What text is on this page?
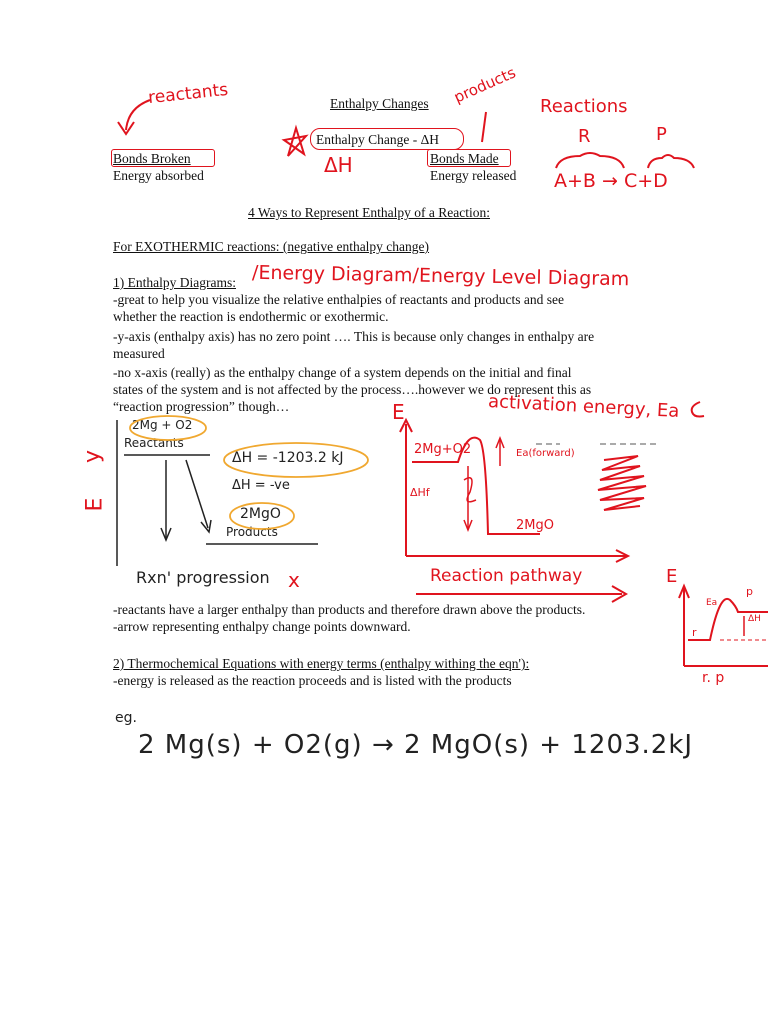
Enthalpy Changes
Enthalpy Change - ΔH
Bonds Broken
Energy absorbed
Bonds Made
Energy released
4 Ways to Represent Enthalpy of a Reaction:
For EXOTHERMIC reactions: (negative enthalpy change)
1) Enthalpy Diagrams:
-great to help you visualize the relative enthalpies of reactants and products and see
whether the reaction is endothermic or exothermic.
-y-axis (enthalpy axis) has no zero point …. This is because only changes in enthalpy are
measured
-no x-axis (really) as the enthalpy change of a system depends on the initial and final
states of the system and is not affected by the process….however we do represent this as
“reaction progression” though…
-reactants have a larger enthalpy than products and therefore drawn above the products.
-arrow representing enthalpy change points downward.
2) Thermochemical Equations with energy terms (enthalpy withing the eqn'):
-energy is released as the reaction proceeds and is listed with the products
reactants	products Reactions
R	P
A+B → C+D
ΔH
/Energy Diagram/Energy Level Diagram
activation energy, Ea
Reaction pathway
y
E
E
E
x
Rxn' progression
eg.
2 Mg(s) + O2(g) → 2 MgO(s) + 1203.2kJ
2Mg + O2
Reactants
ΔH = -1203.2 kJ
ΔH = -ve
2MgO
Products
2Mg+O2
2MgO
ΔHf
Ea(forward)
Ea
p
r
ΔH
r. p
